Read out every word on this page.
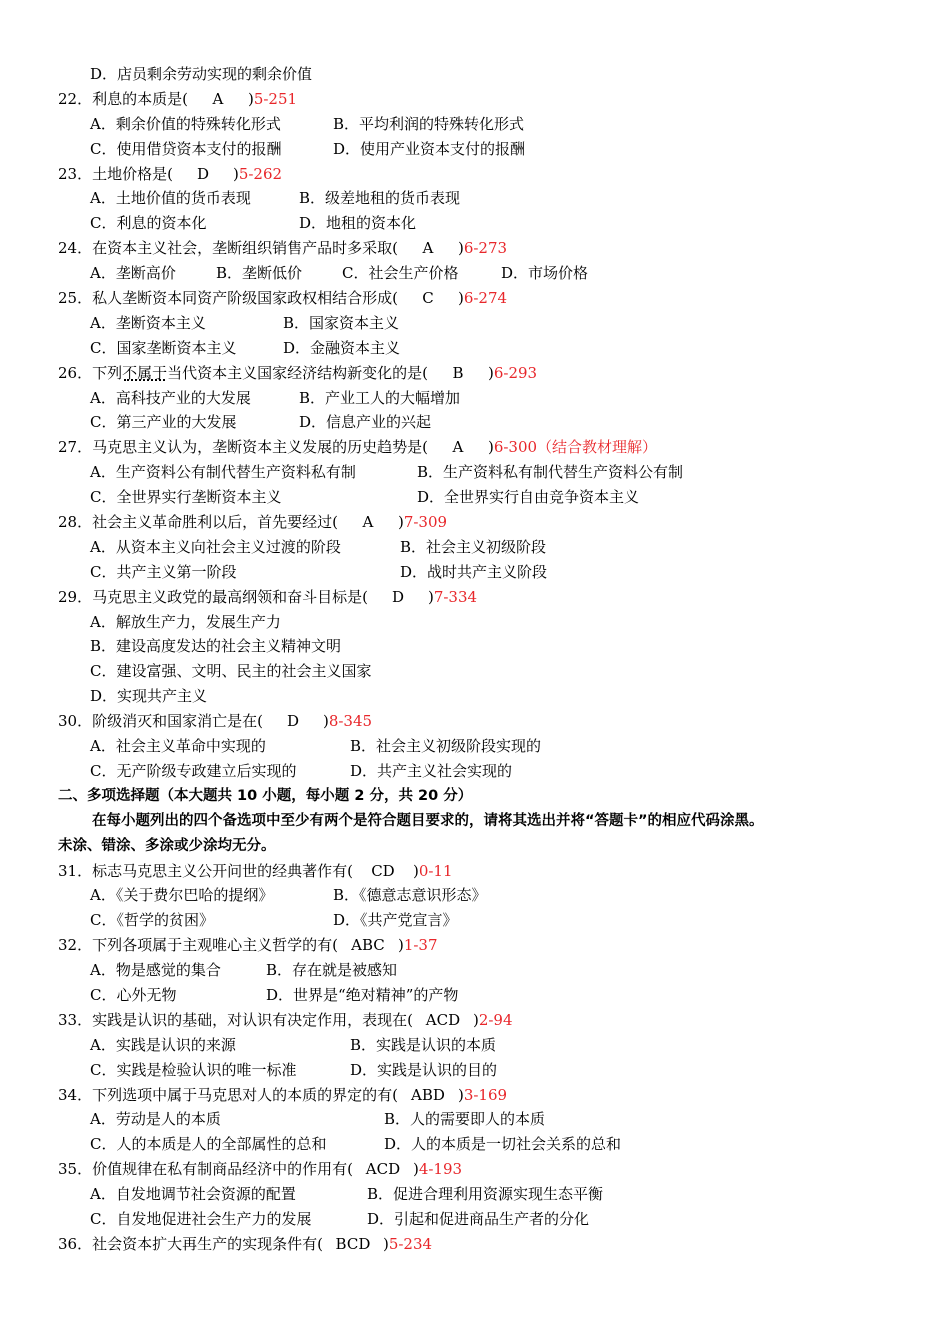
D．店员剩余劳动实现的剩余价值
22．利息的本质是( A )5-251
A．剩余价值的特殊转化形式	B．平均利润的特殊转化形式
C．使用借贷资本支付的报酬	D．使用产业资本支付的报酬
23．土地价格是( D )5-262
A．土地价值的货币表现	B．级差地租的货币表现
C．利息的资本化	D．地租的资本化
24．在资本主义社会，垄断组织销售产品时多采取( A )6-273
A．垄断高价	B．垄断低价	C．社会生产价格	D．市场价格
25．私人垄断资本同资产阶级国家政权相结合形成( C )6-274
A．垄断资本主义	B．国家资本主义
C．国家垄断资本主义	D．金融资本主义
26．下列不属于当代资本主义国家经济结构新变化的是( B )6-293
A．高科技产业的大发展	B．产业工人的大幅增加
C．第三产业的大发展	D．信息产业的兴起
27．马克思主义认为，垄断资本主义发展的历史趋势是( A )6-300（结合教材理解）
A．生产资料公有制代替生产资料私有制	B．生产资料私有制代替生产资料公有制
C．全世界实行垄断资本主义	D．全世界实行自由竞争资本主义
28．社会主义革命胜利以后，首先要经过( A )7-309
A．从资本主义向社会主义过渡的阶段	B．社会主义初级阶段
C．共产主义第一阶段	D．战时共产主义阶段
29．马克思主义政党的最高纲领和奋斗目标是( D )7-334
A．解放生产力，发展生产力
B．建设高度发达的社会主义精神文明
C．建设富强、文明、民主的社会主义国家
D．实现共产主义
30．阶级消灭和国家消亡是在( D )8-345
A．社会主义革命中实现的	B．社会主义初级阶段实现的
C．无产阶级专政建立后实现的	D．共产主义社会实现的
二、多项选择题（本大题共 10 小题，每小题 2 分，共 20 分）
在每小题列出的四个备选项中至少有两个是符合题目要求的，请将其选出并将“答题卡”的相应代码涂黑。
未涂、错涂、多涂或少涂均无分。
31．标志马克思主义公开问世的经典著作有( CD )0-11
A．《关于费尔巴哈的提纲》	B．《德意志意识形态》
C．《哲学的贫困》	D．《共产党宣言》
32．下列各项属于主观唯心主义哲学的有( ABC )1-37
A．物是感觉的集合	B．存在就是被感知
C．心外无物	D．世界是“绝对精神”的产物
33．实践是认识的基础，对认识有决定作用，表现在( ACD )2-94
A．实践是认识的来源	B．实践是认识的本质
C．实践是检验认识的唯一标准	D．实践是认识的目的
34．下列选项中属于马克思对人的本质的界定的有( ABD )3-169
A．劳动是人的本质	B．人的需要即人的本质
C．人的本质是人的全部属性的总和	D．人的本质是一切社会关系的总和
35．价值规律在私有制商品经济中的作用有( ACD )4-193
A．自发地调节社会资源的配置	B．促进合理利用资源实现生态平衡
C．自发地促进社会生产力的发展	D．引起和促进商品生产者的分化
36．社会资本扩大再生产的实现条件有( BCD )5-234
